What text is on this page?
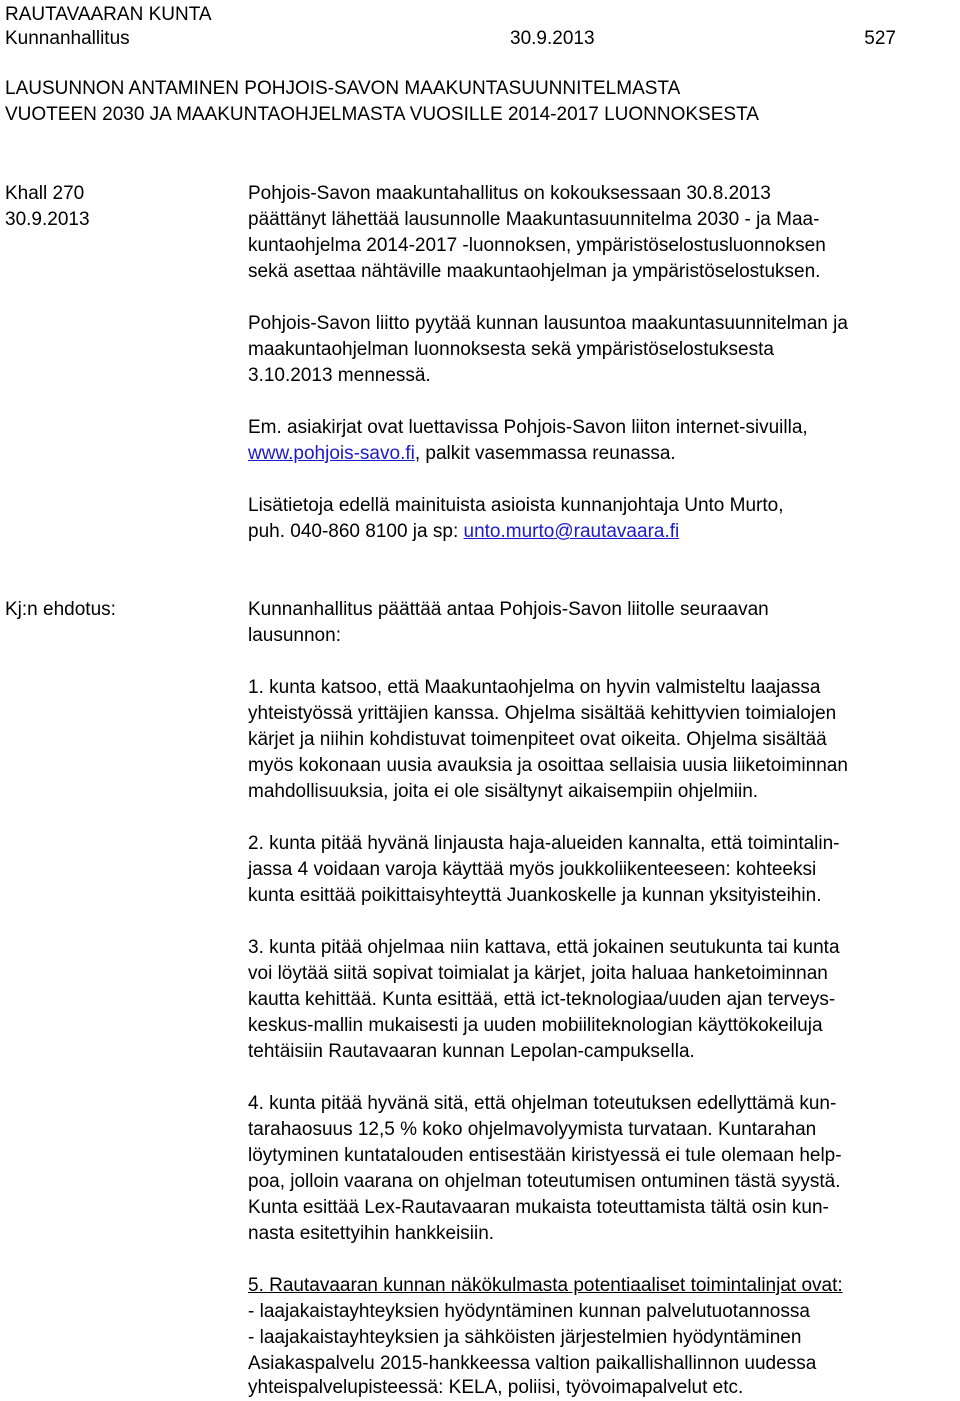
RAUTAVAARAN KUNTA
Kunnanhallitus	30.9.2013	527
LAUSUNNON ANTAMINEN POHJOIS-SAVON MAAKUNTASUUNNITELMASTA
VUOTEEN 2030 JA MAAKUNTAOHJELMASTA VUOSILLE 2014-2017 LUONNOKSESTA
Khall 270
30.9.2013
Pohjois-Savon maakuntahallitus on kokouksessaan 30.8.2013
päättänyt lähettää lausunnolle Maakuntasuunnitelma 2030 - ja Maa-
kuntaohjelma 2014-2017 -luonnoksen, ympäristöselostusluonnoksen
sekä asettaa nähtäville maakuntaohjelman ja ympäristöselostuksen.
Pohjois-Savon liitto pyytää kunnan lausuntoa maakuntasuunnitelman ja
maakuntaohjelman luonnoksesta sekä ympäristöselostuksesta
3.10.2013 mennessä.
Em. asiakirjat ovat luettavissa Pohjois-Savon liiton internet-sivuilla,
www.pohjois-savo.fi, palkit vasemmassa reunassa.
Lisätietoja edellä mainituista asioista kunnanjohtaja Unto Murto,
puh. 040-860 8100 ja sp: unto.murto@rautavaara.fi
Kj:n ehdotus:	Kunnanhallitus päättää antaa Pohjois-Savon liitolle seuraavan
lausunnon:
1. kunta katsoo, että Maakuntaohjelma on hyvin valmisteltu laajassa
yhteistyössä yrittäjien kanssa. Ohjelma sisältää kehittyvien toimialojen
kärjet ja niihin kohdistuvat toimenpiteet ovat oikeita. Ohjelma sisältää
myös kokonaan uusia avauksia ja osoittaa sellaisia uusia liiketoiminnan
mahdollisuuksia, joita ei ole sisältynyt aikaisempiin ohjelmiin.
2. kunta pitää hyvänä linjausta haja-alueiden kannalta, että toimintalin-
jassa 4 voidaan varoja käyttää myös joukkoliikenteeseen: kohteeksi
kunta esittää poikittaisyhteyttä Juankoskelle ja kunnan yksityisteihin.
3. kunta pitää ohjelmaa niin kattava, että jokainen seutukunta tai kunta
voi löytää siitä sopivat toimialat ja kärjet, joita haluaa hanketoiminnan
kautta kehittää. Kunta esittää, että ict-teknologiaa/uuden ajan terveys-
keskus-mallin mukaisesti ja uuden mobiiliteknologian käyttökokeiluja
tehtäisiin Rautavaaran kunnan Lepolan-campuksella.
4. kunta pitää hyvänä sitä, että ohjelman toteutuksen edellyttämä kun-
tarahaosuus 12,5 % koko ohjelmavolyymista turvataan. Kuntarahan
löytyminen kuntatalouden entisestään kiristyessä ei tule olemaan help-
poa, jolloin vaarana on ohjelman toteutumisen ontuminen tästä syystä.
Kunta esittää Lex-Rautavaaran mukaista toteuttamista tältä osin kun-
nasta esitettyihin hankkeisiin.
5. Rautavaaran kunnan näkökulmasta potentiaaliset toimintalinjat ovat:
- laajakaistayhteyksien hyödyntäminen kunnan palvelutuotannossa
- laajakaistayhteyksien ja sähköisten järjestelmien hyödyntäminen
Asiakaspalvelu 2015-hankkeessa valtion paikallishallinnon uudessa
yhteispalvelupisteessä: KELA, poliisi, työvoimapalvelut etc.
